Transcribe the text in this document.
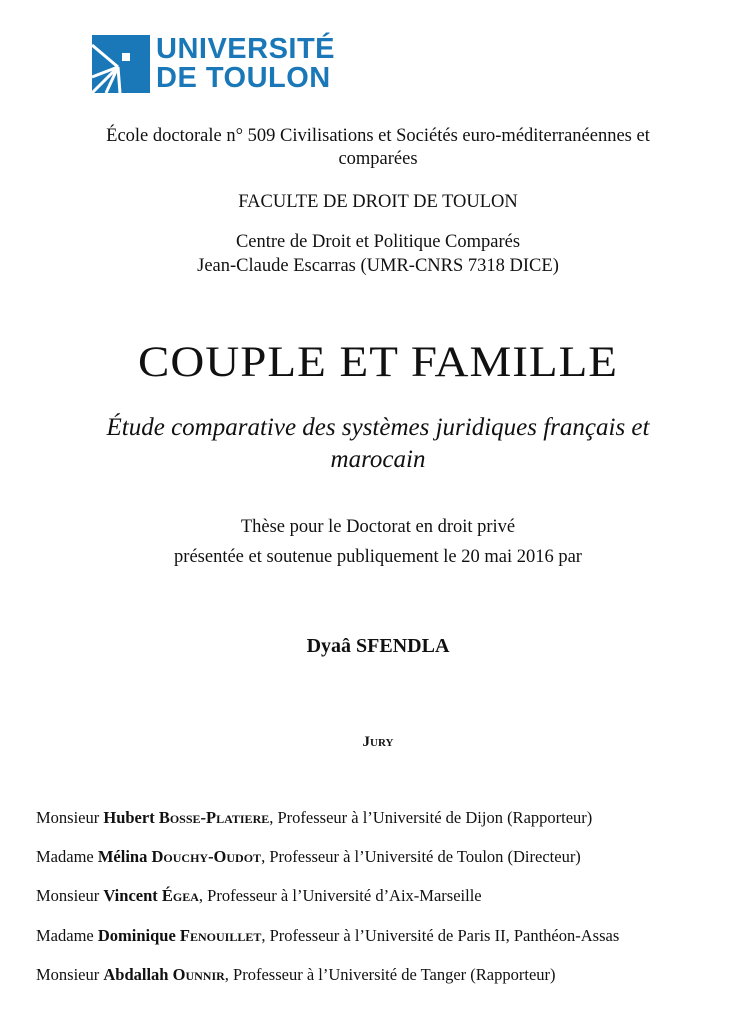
UNIVERSITÉ
DE TOULON
École doctorale n° 509 Civilisations et Sociétés euro-méditerranéennes et
comparées
FACULTE DE DROIT DE TOULON
Centre de Droit et Politique Comparés
Jean-Claude Escarras (UMR-CNRS 7318 DICE)
COUPLE ET FAMILLE
Étude comparative des systèmes juridiques français et
marocain
Thèse pour le Doctorat en droit privé
présentée et soutenue publiquement le 20 mai 2016 par
Dyaâ SFENDLA
Jury
Monsieur Hubert Bosse-Platiere, Professeur à l’Université de Dijon (Rapporteur)
Madame Mélina Douchy-Oudot, Professeur à l’Université de Toulon (Directeur)
Monsieur Vincent Égea, Professeur à l’Université d’Aix-Marseille
Madame Dominique Fenouillet, Professeur à l’Université de Paris II, Panthéon-Assas
Monsieur Abdallah Ounnir, Professeur à l’Université de Tanger (Rapporteur)
